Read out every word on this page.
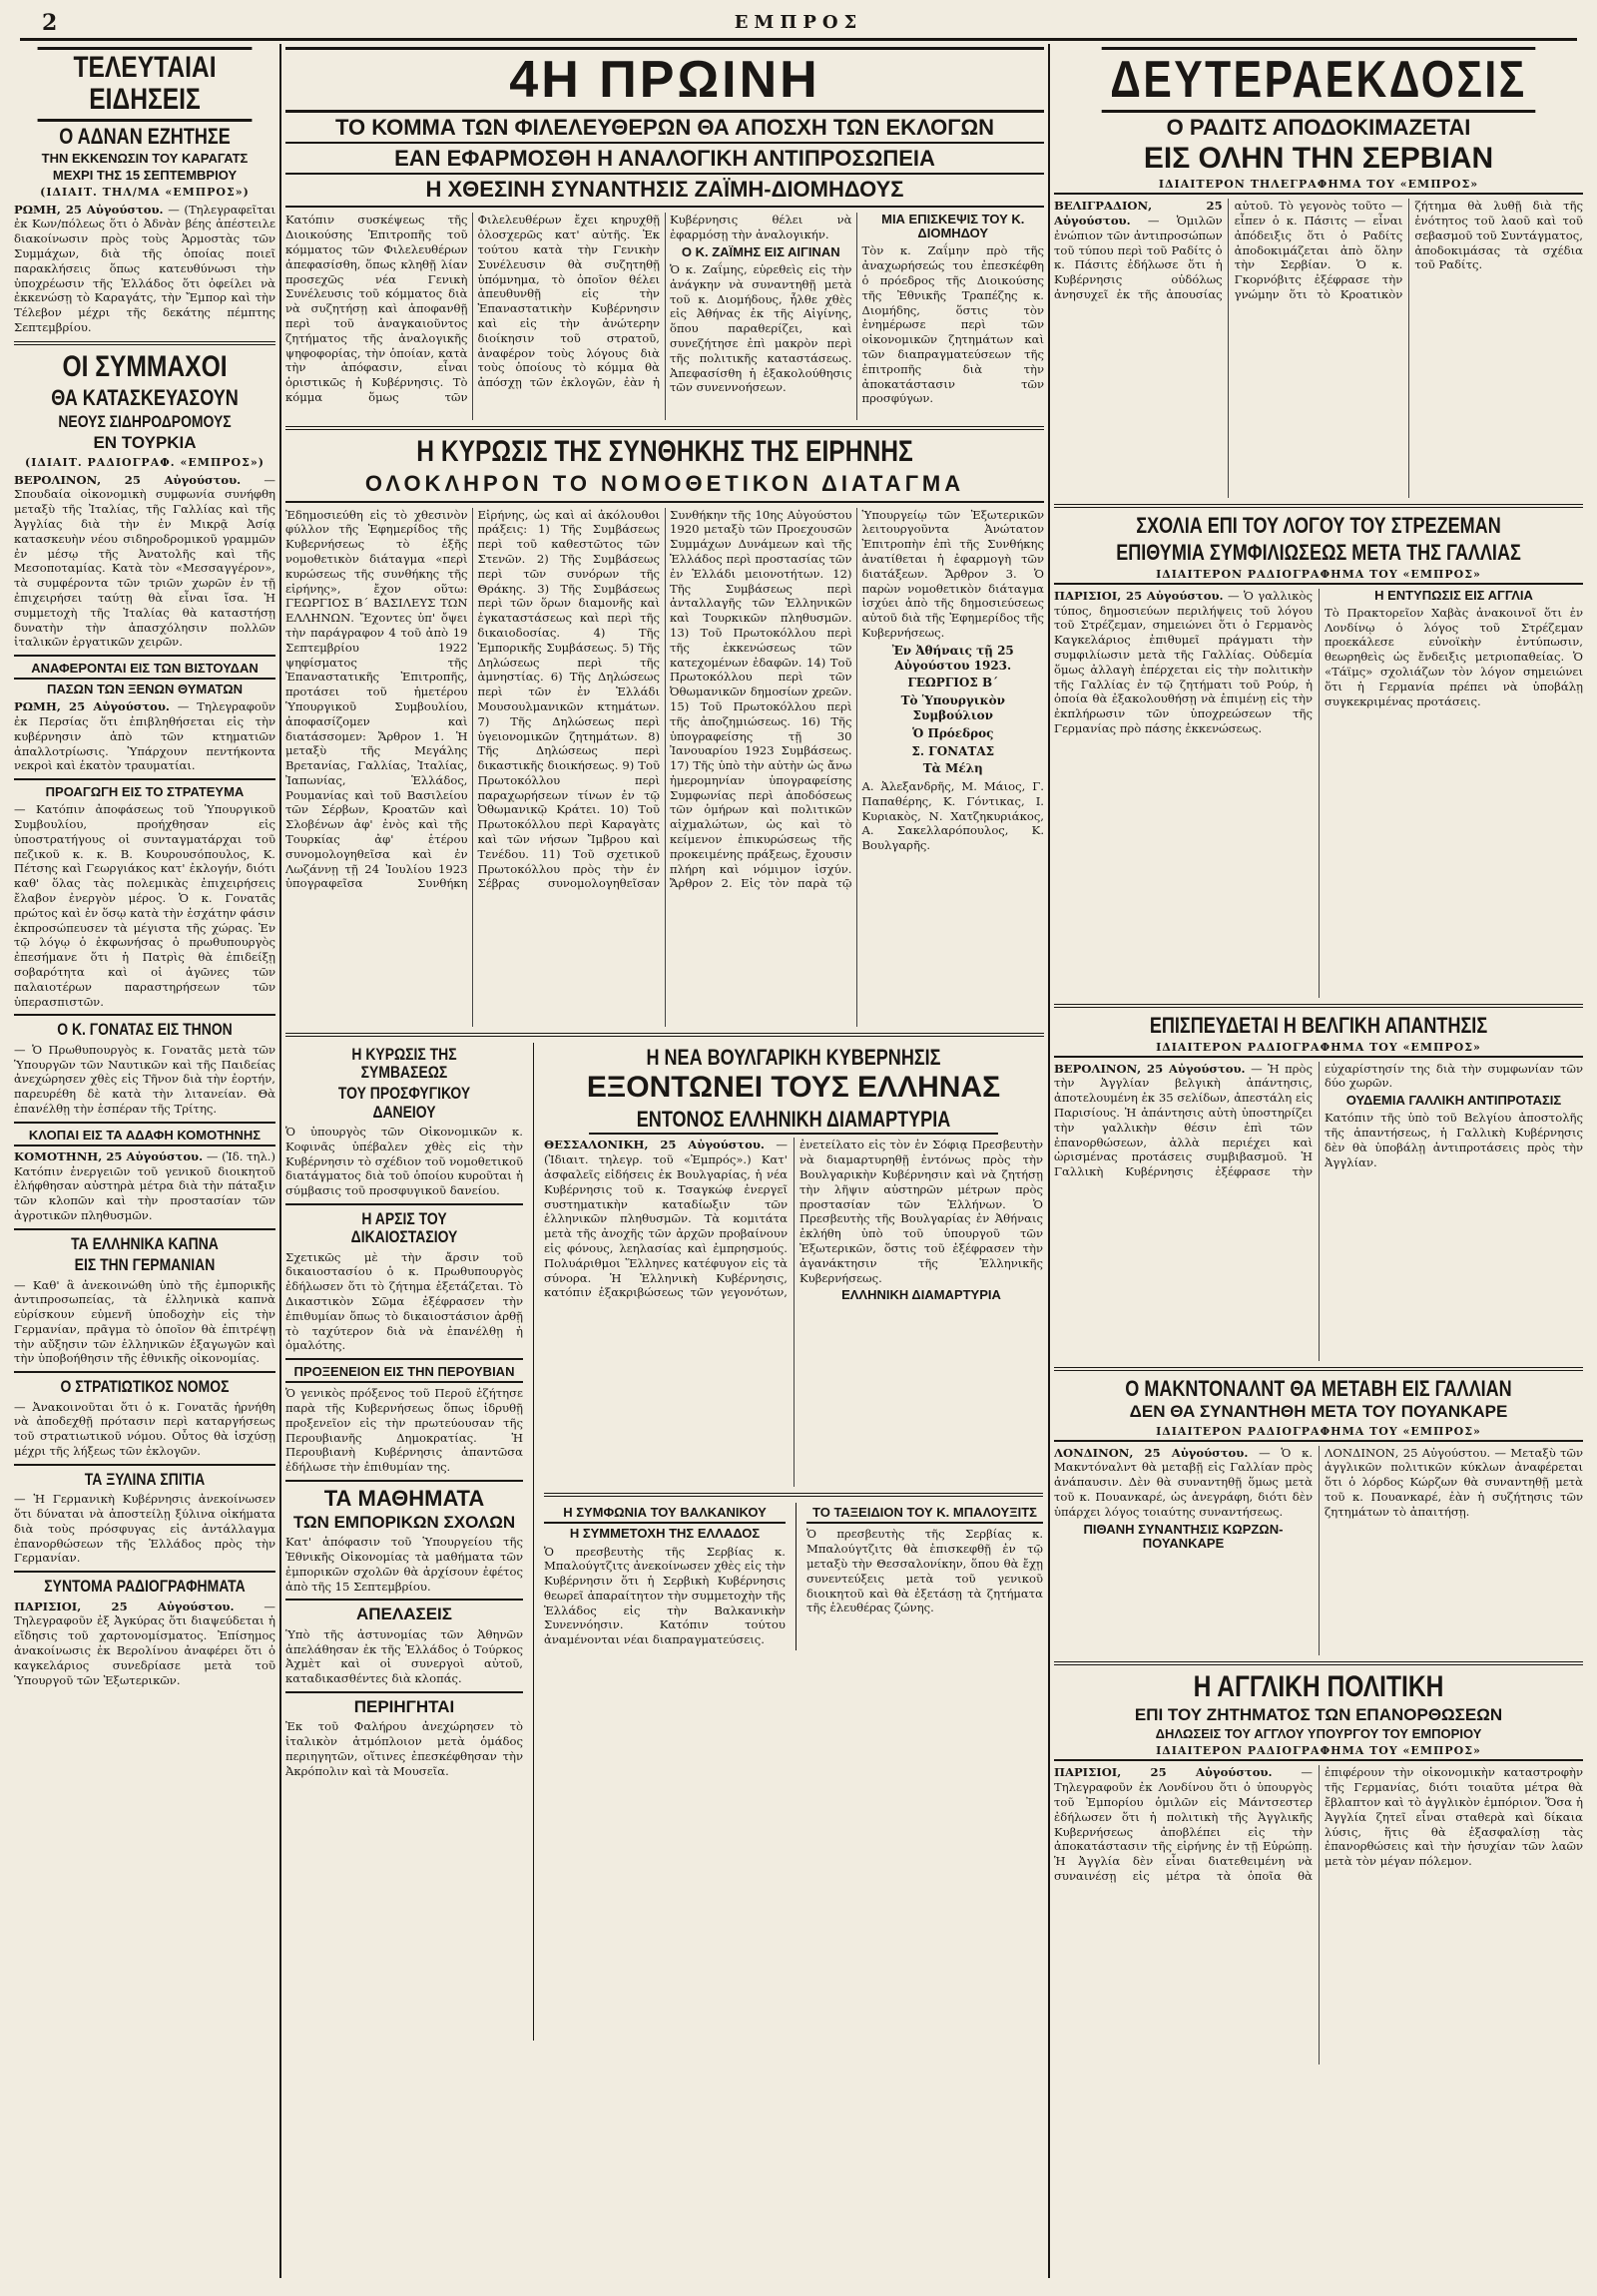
2	ΕΜΠΡΟΣ
ΤΕΛΕΥΤΑΙΑΙ ΕΙΔΗΣΕΙΣ
Ο ΑΔΝΑΝ ΕΖΗΤΗΣΕ
ΤΗΝ ΕΚΚΕΝΩΣΙΝ ΤΟΥ ΚΑΡΑΓΑΤΣ
ΜΕΧΡΙ ΤΗΣ 15 ΣΕΠΤΕΜΒΡΙΟΥ
(ΙΔΙΑΙΤ. ΤΗΛ/ΜΑ «ΕΜΠΡΟΣ»)

ΡΩΜΗ, 25 Αὐγούστου. — (Τηλεγραφεῖται ἐκ Κων/πόλεως ὅτι ὁ Ἀδνὰν βέης ἀπέστειλε διακοίνωσιν πρὸς τοὺς Ἁρμοστὰς τῶν Συμμάχων, διὰ τῆς ὁποίας ποιεῖ παρακλήσεις ὅπως κατευθύνωσι τὴν ὑποχρέωσιν τῆς Ἑλλάδος ὅτι ὀφείλει νὰ ἐκκενώσῃ τὸ Καραγάτς, τὴν Ἔμπορ καὶ τὴν Τέλεβον μέχρι τῆς δεκάτης πέμπτης Σεπτεμβρίου.

ΟΙ ΣΥΜΜΑΧΟΙ
ΘΑ ΚΑΤΑΣΚΕΥΑΣΟΥΝ
ΝΕΟΥΣ ΣΙΔΗΡΟΔΡΟΜΟΥΣ
ΕΝ ΤΟΥΡΚΙΑ
(ΙΔΙΑΙΤ. ΡΑΔΙΟΓΡΑΦ. «ΕΜΠΡΟΣ»)

ΒΕΡΟΛΙΝΟΝ, 25 Αὐγούστου. — Σπουδαία οἰκονομικὴ συμφωνία συνήφθη μεταξὺ τῆς Ἰταλίας, τῆς Γαλλίας καὶ τῆς Ἀγγλίας διὰ τὴν ἐν Μικρᾷ Ἀσίᾳ κατασκευὴν νέου σιδηροδρομικοῦ γραμμῶν ἐν μέσῳ τῆς Ἀνατολῆς καὶ τῆς Μεσοποταμίας. Κατὰ τὸν «Μεσσαγγέρον», τὰ συμφέροντα τῶν τριῶν χωρῶν ἐν τῇ ἐπιχειρήσει ταύτῃ θὰ εἶναι ἴσα. Ἡ συμμετοχὴ τῆς Ἰταλίας θὰ καταστήσῃ δυνατὴν τὴν ἀπασχόλησιν πολλῶν ἰταλικῶν ἐργατικῶν χειρῶν.

ΑΝΑΦΕΡΟΝΤΑΙ ΕΙΣ ΤΩΝ ΒΙΣΤΟΥΔΑΝ
ΠΑΣΩΝ ΤΩΝ ΞΕΝΩΝ ΘΥΜΑΤΩΝ

ΡΩΜΗ, 25 Αὐγούστου. — Τηλεγραφοῦν ἐκ Περσίας ὅτι ἐπιβληθήσεται εἰς τὴν κυβέρνησιν ἀπὸ τῶν κτηματιῶν ἀπαλλοτρίωσις. Ὑπάρχουν πεντήκοντα νεκροὶ καὶ ἑκατὸν τραυματίαι.

ΠΡΟΑΓΩΓΗ ΕΙΣ ΤΟ ΣΤΡΑΤΕΥΜΑ

— Κατόπιν ἀποφάσεως τοῦ Ὑπουργικοῦ Συμβουλίου, προήχθησαν εἰς ὑποστρατήγους οἱ συνταγματάρχαι τοῦ πεζικοῦ κ. κ. Β. Κουρουσόπουλος, Κ. Πέτσης καὶ Γεωργιάκος κατ' ἐκλογήν, διότι καθ' ὅλας τὰς πολεμικὰς ἐπιχειρήσεις ἔλαβον ἐνεργὸν μέρος. Ὁ κ. Γονατᾶς πρώτος καὶ ἐν ὅσῳ κατὰ τὴν ἐσχάτην φάσιν ἐκπροσώπευσεν τὰ μέγιστα τῆς χώρας. Ἐν τῷ λόγῳ ὁ ἐκφωνήσας ὁ πρωθυπουργὸς ἐπεσήμανε ὅτι ἡ Πατρὶς θὰ ἐπιδείξῃ σοβαρότητα καὶ οἱ ἀγῶνες τῶν παλαιοτέρων παραστηρήσεων τῶν ὑπερασπιστῶν.

Ο Κ. ΓΟΝΑΤΑΣ ΕΙΣ ΤΗΝΟΝ

— Ὁ Πρωθυπουργὸς κ. Γονατᾶς μετὰ τῶν Ὑπουργῶν τῶν Ναυτικῶν καὶ τῆς Παιδείας ἀνεχώρησεν χθὲς εἰς Τῆνον διὰ τὴν ἐορτήν, παρευρέθη δὲ κατὰ τὴν λιτανείαν. Θὰ ἐπανέλθῃ τὴν ἑσπέραν τῆς Τρίτης.

ΚΛΟΠΑΙ ΕΙΣ ΤΑ ΑΔΑΦΗ ΚΟΜΟΤΗΝΗΣ

ΚΟΜΟΤΗΝΗ, 25 Αὐγούστου. — (Ἰδ. τηλ.) Κατόπιν ἐνεργειῶν τοῦ γενικοῦ διοικητοῦ ἐλήφθησαν αὐστηρὰ μέτρα διὰ τὴν πάταξιν τῶν κλοπῶν καὶ τὴν προστασίαν τῶν ἀγροτικῶν πληθυσμῶν.

ΤΑ ΕΛΛΗΝΙΚΑ ΚΑΠΝΑ
ΕΙΣ ΤΗΝ ΓΕΡΜΑΝΙΑΝ

— Καθ' ἃ ἀνεκοινώθη ὑπὸ τῆς ἐμπορικῆς ἀντιπροσωπείας, τὰ ἑλληνικὰ καπνὰ εὑρίσκουν εὐμενῆ ὑποδοχὴν εἰς τὴν Γερμανίαν, πρᾶγμα τὸ ὁποῖον θὰ ἐπιτρέψῃ τὴν αὔξησιν τῶν ἑλληνικῶν ἐξαγωγῶν καὶ τὴν ὑποβοήθησιν τῆς ἐθνικῆς οἰκονομίας.

Ο ΣΤΡΑΤΙΩΤΙΚΟΣ ΝΟΜΟΣ

— Ἀνακοινοῦται ὅτι ὁ κ. Γονατᾶς ἠρνήθη νὰ ἀποδεχθῇ πρότασιν περὶ καταργήσεως τοῦ στρατιωτικοῦ νόμου. Οὗτος θὰ ἰσχύσῃ μέχρι τῆς λήξεως τῶν ἐκλογῶν.

ΤΑ ΞΥΛΙΝΑ ΣΠΙΤΙΑ

— Ἡ Γερμανικὴ Κυβέρνησις ἀνεκοίνωσεν ὅτι δύναται νὰ ἀποστείλῃ ξύλινα οἰκήματα διὰ τοὺς πρόσφυγας εἰς ἀντάλλαγμα ἐπανορθώσεων τῆς Ἑλλάδος πρὸς τὴν Γερμανίαν.

ΣΥΝΤΟΜΑ ΡΑΔΙΟΓΡΑΦΗΜΑΤΑ

ΠΑΡΙΣΙΟΙ, 25 Αὐγούστου.	— Τηλεγραφοῦν ἐξ Ἀγκύρας ὅτι διαψεύδεται ἡ εἴδησις τοῦ χαρτονομίσματος. Ἐπίσημος ἀνακοίνωσις ἐκ Βερολίνου ἀναφέρει ὅτι ὁ καγκελάριος συνεδρίασε μετὰ τοῦ Ὑπουργοῦ τῶν Ἐξωτερικῶν.

4Η ΠΡΩΙΝΗ
ΤΟ ΚΟΜΜΑ ΤΩΝ ΦΙΛΕΛΕΥΘΕΡΩΝ ΘΑ ΑΠΟΣΧΗ ΤΩΝ ΕΚΛΟΓΩΝ
ΕΑΝ ΕΦΑΡΜΟΣΘΗ Η ΑΝΑΛΟΓΙΚΗ ΑΝΤΙΠΡΟΣΩΠΕΙΑ
Η ΧΘΕΣΙΝΗ ΣΥΝΑΝΤΗΣΙΣ ΖΑΪΜΗ-ΔΙΟΜΗΔΟΥΣ

Κατόπιν συσκέψεως τῆς Διοικούσης Ἐπιτροπῆς τοῦ κόμματος τῶν Φιλελευθέρων ἀπεφασίσθη, ὅπως κληθῇ λίαν προσεχῶς νέα Γενικὴ Συνέλευσις τοῦ κόμματος διὰ νὰ συζητήσῃ καὶ ἀποφανθῇ περὶ τοῦ ἀναγκαιοῦντος ζητήματος τῆς ἀναλογικῆς ψηφοφορίας, τὴν ὁποίαν, κατὰ τὴν ἀπόφασιν, εἶναι ὁριστικῶς ἡ Κυβέρνησις. Τὸ κόμμα ὅμως τῶν Φιλελευθέρων ἔχει κηρυχθῇ ὁλοσχερῶς κατ' αὐτῆς. Ἐκ τούτου κατὰ τὴν Γενικὴν Συνέλευσιν θὰ συζητηθῇ ὑπόμνημα, τὸ ὁποῖον θέλει ἀπευθυνθῇ εἰς τὴν Ἐπαναστατικὴν Κυβέρνησιν καὶ εἰς τὴν ἀνώτερην διοίκησιν τοῦ στρατοῦ, ἀναφέρον τοὺς λόγους διὰ τοὺς ὁποίους τὸ κόμμα θὰ ἀπόσχῃ τῶν ἐκλογῶν, ἐὰν ἡ Κυβέρνησις θέλει νὰ ἐφαρμόσῃ τὴν ἀναλογικήν.

Ο Κ. ΖΑΪΜΗΣ ΕΙΣ ΑΙΓΙΝΑΝ

Ὁ κ. Ζαΐμης, εὑρεθεὶς εἰς τὴν ἀνάγκην νὰ συναντηθῇ μετὰ τοῦ κ. Διομήδους, ἦλθε χθὲς εἰς Ἀθήνας ἐκ τῆς Αἰγίνης, ὅπου παραθερίζει, καὶ συνεζήτησε ἐπὶ μακρὸν περὶ τῆς πολιτικῆς καταστάσεως. Ἀπεφασίσθη ἡ ἐξακολούθησις τῶν συνεννοήσεων.

ΜΙΑ ΕΠΙΣΚΕΨΙΣ ΤΟΥ Κ. ΔΙΟΜΗΔΟΥ

Τὸν κ. Ζαΐμην πρὸ τῆς ἀναχωρήσεώς του ἐπεσκέφθη ὁ πρόεδρος τῆς Διοικούσης τῆς Ἐθνικῆς Τραπέζης κ. Διομήδης, ὅστις τὸν ἐνημέρωσε περὶ τῶν οἰκονομικῶν ζητημάτων καὶ τῶν διαπραγματεύσεων τῆς ἐπιτροπῆς διὰ τὴν ἀποκατάστασιν τῶν προσφύγων.

Η ΚΥΡΩΣΙΣ ΤΗΣ ΣΥΝΘΗΚΗΣ ΤΗΣ ΕΙΡΗΝΗΣ
ΟΛΟΚΛΗΡΟΝ ΤΟ ΝΟΜΟΘΕΤΙΚΟΝ ΔΙΑΤΑΓΜΑ

Ἐδημοσιεύθη εἰς τὸ χθεσινὸν φύλλον τῆς Ἐφημερίδος τῆς Κυβερνήσεως τὸ ἑξῆς νομοθετικὸν διάταγμα «περὶ κυρώσεως τῆς συνθήκης τῆς εἰρήνης», ἔχον οὕτω: ΓΕΩΡΓΙΟΣ Β΄ ΒΑΣΙΛΕΥΣ ΤΩΝ ΕΛΛΗΝΩΝ. Ἔχοντες ὑπ' ὄψει τὴν παράγραφον 4 τοῦ ἀπὸ 19 Σεπτεμβρίου 1922 ψηφίσματος τῆς Ἐπαναστατικῆς Ἐπιτροπῆς, προτάσει τοῦ ἡμετέρου Ὑπουργικοῦ Συμβουλίου, ἀποφασίζομεν καὶ διατάσσομεν: Ἄρθρον 1. Ἡ μεταξὺ τῆς Μεγάλης Βρετανίας, Γαλλίας, Ἰταλίας, Ἰαπωνίας, Ἑλλάδος, Ρουμανίας καὶ τοῦ Βασιλείου τῶν Σέρβων, Κροατῶν καὶ Σλοβένων ἀφ' ἑνὸς καὶ τῆς Τουρκίας ἀφ' ἑτέρου συνομολογηθεῖσα καὶ ἐν Λωζάννῃ τῇ 24 Ἰουλίου 1923 ὑπογραφεῖσα Συνθήκη Εἰρήνης, ὡς καὶ αἱ ἀκόλουθοι πράξεις: 1) Τῆς Συμβάσεως περὶ τοῦ καθεστῶτος τῶν Στενῶν. 2) Τῆς Συμβάσεως περὶ τῶν συνόρων τῆς Θράκης. 3) Τῆς Συμβάσεως περὶ τῶν ὅρων διαμονῆς καὶ ἐγκαταστάσεως καὶ περὶ τῆς δικαιοδοσίας. 4) Τῆς Ἐμπορικῆς Συμβάσεως. 5) Τῆς Δηλώσεως περὶ τῆς ἀμνηστίας. 6) Τῆς Δηλώσεως περὶ τῶν ἐν Ἑλλάδι Μουσουλμανικῶν κτημάτων. 7) Τῆς Δηλώσεως περὶ ὑγειονομικῶν ζητημάτων. 8) Τῆς Δηλώσεως περὶ δικαστικῆς διοικήσεως. 9) Τοῦ Πρωτοκόλλου περὶ παραχωρήσεων τίνων ἐν τῷ Ὀθωμανικῷ Κράτει. 10) Τοῦ Πρωτοκόλλου περὶ Καραγὰτς καὶ τῶν νήσων Ἴμβρου καὶ Τενέδου. 11) Τοῦ σχετικοῦ Πρωτοκόλλου πρὸς τὴν ἐν Σέβρας συνομολογηθεῖσαν Συνθήκην τῆς 10ης Αὐγούστου 1920 μεταξὺ τῶν Προεχουσῶν Συμμάχων Δυνάμεων καὶ τῆς Ἑλλάδος περὶ προστασίας τῶν ἐν Ἑλλάδι μειονοτήτων. 12) Τῆς Συμβάσεως περὶ ἀνταλλαγῆς τῶν Ἑλληνικῶν καὶ Τουρκικῶν πληθυσμῶν. 13) Τοῦ Πρωτοκόλλου περὶ τῆς ἐκκενώσεως τῶν κατεχομένων ἐδαφῶν. 14) Τοῦ Πρωτοκόλλου περὶ τῶν Ὀθωμανικῶν δημοσίων χρεῶν. 15) Τοῦ Πρωτοκόλλου περὶ τῆς ἀποζημιώσεως. 16) Τῆς ὑπογραφείσης τῇ 30 Ἰανουαρίου 1923 Συμβάσεως. 17) Τῆς ὑπὸ τὴν αὐτὴν ὡς ἄνω ἡμερομηνίαν ὑπογραφείσης Συμφωνίας περὶ ἀποδόσεως τῶν ὁμήρων καὶ πολιτικῶν αἰχμαλώτων, ὡς καὶ τὸ κείμενον ἐπικυρώσεως τῆς προκειμένης πράξεως, ἔχουσιν πλήρη καὶ νόμιμον ἰσχύν. Ἄρθρον 2. Εἰς τὸν παρὰ τῷ Ὑπουργείῳ τῶν Ἐξωτερικῶν λειτουργοῦντα Ἀνώτατον Ἐπιτροπὴν ἐπὶ τῆς Συνθήκης ἀνατίθεται ἡ ἐφαρμογὴ τῶν διατάξεων. Ἄρθρον 3. Ὁ παρὼν νομοθετικὸν διάταγμα ἰσχύει ἀπὸ τῆς δημοσιεύσεως αὐτοῦ διὰ τῆς Ἐφημερίδος τῆς Κυβερνήσεως.

Ἐν Ἀθήναις τῇ 25 Αὐγούστου 1923.
ΓΕΩΡΓΙΟΣ Β΄
Τὸ Ὑπουργικὸν Συμβούλιον
Ὁ Πρόεδρος
Σ. ΓΟΝΑΤΑΣ
Τὰ Μέλη

Α. Ἀλεξανδρῆς, Μ. Μάιος, Γ. Παπαθέρης, Κ. Γόντικας, Ι. Κυριακὸς, Ν. Χατζηκυριάκος, Α. Σακελλαρόπουλος, Κ. Βουλγαρῆς.

Η ΚΥΡΩΣΙΣ ΤΗΣ ΣΥΜΒΑΣΕΩΣ
ΤΟΥ ΠΡΟΣΦΥΓΙΚΟΥ ΔΑΝΕΙΟΥ

Ὁ ὑπουργὸς τῶν Οἰκονομικῶν κ. Κοφινᾶς ὑπέβαλεν χθὲς εἰς τὴν Κυβέρνησιν τὸ σχέδιον τοῦ νομοθετικοῦ διατάγματος διὰ τοῦ ὁποίου κυροῦται ἡ σύμβασις τοῦ προσφυγικοῦ δανείου.

Η ΑΡΣΙΣ ΤΟΥ ΔΙΚΑΙΟΣΤΑΣΙΟΥ

Σχετικῶς μὲ τὴν ἄρσιν τοῦ δικαιοστασίου ὁ κ. Πρωθυπουργὸς ἐδήλωσεν ὅτι τὸ ζήτημα ἐξετάζεται. Τὸ Δικαστικὸν Σῶμα ἐξέφρασεν τὴν ἐπιθυμίαν ὅπως τὸ δικαιοστάσιον ἀρθῇ τὸ ταχύτερον διὰ νὰ ἐπανέλθῃ ἡ ὁμαλότης.

ΠΡΟΞΕΝΕΙΟΝ ΕΙΣ ΤΗΝ ΠΕΡΟΥΒΙΑΝ

Ὁ γενικὸς πρόξενος τοῦ Περοῦ ἐζήτησε παρὰ τῆς Κυβερνήσεως ὅπως ἱδρυθῇ προξενεῖον εἰς τὴν πρωτεύουσαν τῆς Περουβιανῆς Δημοκρατίας. Ἡ Περουβιανὴ Κυβέρνησις ἀπαντῶσα ἐδήλωσε τὴν ἐπιθυμίαν της.

ΤΑ ΜΑΘΗΜΑΤΑ
ΤΩΝ ΕΜΠΟΡΙΚΩΝ ΣΧΟΛΩΝ

Κατ' ἀπόφασιν τοῦ Ὑπουργείου τῆς Ἐθνικῆς Οἰκονομίας τὰ μαθήματα τῶν ἐμπορικῶν σχολῶν θὰ ἀρχίσουν ἐφέτος ἀπὸ τῆς 15 Σεπτεμβρίου.

ΑΠΕΛΑΣΕΙΣ

Ὑπὸ τῆς ἀστυνομίας τῶν Ἀθηνῶν ἀπελάθησαν ἐκ τῆς Ἑλλάδος ὁ Τούρκος Ἀχμὲτ καὶ οἱ συνεργοὶ αὐτοῦ, καταδικασθέντες διὰ κλοπάς.

ΠΕΡΙΗΓΗΤΑΙ

Ἐκ τοῦ Φαλήρου ἀνεχώρησεν τὸ ἰταλικὸν ἀτμόπλοιον μετὰ ὁμάδος περιηγητῶν, οἵτινες ἐπεσκέφθησαν τὴν Ἀκρόπολιν καὶ τὰ Μουσεῖα.

Η ΝΕΑ ΒΟΥΛΓΑΡΙΚΗ ΚΥΒΕΡΝΗΣΙΣ
ΕΞΟΝΤΩΝΕΙ ΤΟΥΣ ΕΛΛΗΝΑΣ
ΕΝΤΟΝΟΣ ΕΛΛΗΝΙΚΗ ΔΙΑΜΑΡΤΥΡΙΑ

ΘΕΣΣΑΛΟΝΙΚΗ, 25 Αὐγούστου. — (Ἰδιαιτ. τηλεγρ. τοῦ «Ἐμπρός».) Κατ' ἀσφαλεῖς εἰδήσεις ἐκ Βουλγαρίας, ἡ νέα Κυβέρνησις τοῦ κ. Τσαγκώφ ἐνεργεῖ συστηματικὴν καταδίωξιν τῶν ἑλληνικῶν πληθυσμῶν. Τὰ κομιτάτα μετὰ τῆς ἀνοχῆς τῶν ἀρχῶν προβαίνουν εἰς φόνους, λεηλασίας καὶ ἐμπρησμούς. Πολυάριθμοι Ἕλληνες κατέφυγον εἰς τὰ σύνορα. Ἡ Ἑλληνικὴ Κυβέρνησις, κατόπιν ἐξακριβώσεως τῶν γεγονότων, ἐνετείλατο εἰς τὸν ἐν Σόφιᾳ Πρεσβευτὴν νὰ διαμαρτυρηθῇ ἐντόνως πρὸς τὴν Βουλγαρικὴν Κυβέρνησιν καὶ νὰ ζητήσῃ τὴν λῆψιν αὐστηρῶν μέτρων πρὸς προστασίαν τῶν Ἑλλήνων. Ὁ Πρεσβευτὴς τῆς Βουλγαρίας ἐν Ἀθήναις ἐκλήθη ὑπὸ τοῦ ὑπουργοῦ τῶν Ἐξωτερικῶν, ὅστις τοῦ ἐξέφρασεν τὴν ἀγανάκτησιν τῆς Ἑλληνικῆς Κυβερνήσεως.

ΕΛΛΗΝΙΚΗ ΔΙΑΜΑΡΤΥΡΙΑ
Η ΣΥΜΦΩΝΙΑ ΤΟΥ ΒΑΛΚΑΝΙΚΟΥ
Η ΣΥΜΜΕΤΟΧΗ ΤΗΣ ΕΛΛΑΔΟΣ

Ὁ πρεσβευτὴς τῆς Σερβίας κ. Μπαλούγτζιτς ἀνεκοίνωσεν χθὲς εἰς τὴν Κυβέρνησιν ὅτι ἡ Σερβικὴ Κυβέρνησις θεωρεῖ ἀπαραίτητον τὴν συμμετοχὴν τῆς Ἑλλάδος εἰς τὴν Βαλκανικὴν Συνεννόησιν. Κατόπιν τούτου ἀναμένονται νέαι διαπραγματεύσεις.

ΤΟ ΤΑΞΕΙΔΙΟΝ ΤΟΥ Κ. ΜΠΑΛΟΥΞΙΤΣ

Ὁ πρεσβευτὴς τῆς Σερβίας κ. Μπαλούγτζιτς θὰ ἐπισκεφθῇ ἐν τῷ μεταξὺ τὴν Θεσσαλονίκην, ὅπου θὰ ἔχῃ συνεντεύξεις μετὰ τοῦ γενικοῦ διοικητοῦ καὶ θὰ ἐξετάσῃ τὰ ζητήματα τῆς ἐλευθέρας ζώνης.

ΔΕΥΤΕΡΑΕΚΔΟΣΙΣ
Ο ΡΑΔΙΤΣ ΑΠΟΔΟΚΙΜΑΖΕΤΑΙ
ΕΙΣ ΟΛΗΝ ΤΗΝ ΣΕΡΒΙΑΝ
ΙΔΙΑΙΤΕΡΟΝ ΤΗΛΕΓΡΑΦΗΜΑ ΤΟΥ «ΕΜΠΡΟΣ»

ΒΕΛΙΓΡΑΔΙΟΝ, 25 Αὐγούστου. — Ὁμιλῶν ἐνώπιον τῶν ἀντιπροσώπων τοῦ τύπου περὶ τοῦ Ραδίτς ὁ κ. Πάσιτς ἐδήλωσε ὅτι ἡ Κυβέρνησις οὐδόλως ἀνησυχεῖ ἐκ τῆς ἀπουσίας αὐτοῦ. Τὸ γεγονὸς τοῦτο — εἶπεν ὁ κ. Πάσιτς — εἶναι ἀπόδειξις ὅτι ὁ Ραδίτς ἀποδοκιμάζεται ἀπὸ ὅλην τὴν Σερβίαν. Ὁ κ. Γκορνόβιτς ἐξέφρασε τὴν γνώμην ὅτι τὸ Κροατικὸν ζήτημα θὰ λυθῇ διὰ τῆς ἐνότητος τοῦ λαοῦ καὶ τοῦ σεβασμοῦ τοῦ Συντάγματος, ἀποδοκιμάσας τὰ σχέδια τοῦ Ραδίτς.

ΣΧΟΛΙΑ ΕΠΙ ΤΟΥ ΛΟΓΟΥ ΤΟΥ ΣΤΡΕΖΕΜΑΝ
ΕΠΙΘΥΜΙΑ ΣΥΜΦΙΛΙΩΣΕΩΣ ΜΕΤΑ ΤΗΣ ΓΑΛΛΙΑΣ
ΙΔΙΑΙΤΕΡΟΝ ΡΑΔΙΟΓΡΑΦΗΜΑ ΤΟΥ «ΕΜΠΡΟΣ»

ΠΑΡΙΣΙΟΙ, 25 Αὐγούστου. — Ὁ γαλλικὸς τύπος, δημοσιεύων περιλήψεις τοῦ λόγου τοῦ Στρέζεμαν, σημειώνει ὅτι ὁ Γερμανὸς Καγκελάριος ἐπιθυμεῖ πράγματι τὴν συμφιλίωσιν μετὰ τῆς Γαλλίας. Οὐδεμία ὅμως ἀλλαγὴ ἐπέρχεται εἰς τὴν πολιτικὴν τῆς Γαλλίας ἐν τῷ ζητήματι τοῦ Ρούρ, ἡ ὁποία θὰ ἐξακολουθήσῃ νὰ ἐπιμένῃ εἰς τὴν ἐκπλήρωσιν τῶν ὑποχρεώσεων τῆς Γερμανίας πρὸ πάσης ἐκκενώσεως.

Η ΕΝΤΥΠΩΣΙΣ ΕΙΣ ΑΓΓΛΙΑ

Τὸ Πρακτορεῖον Χαβὰς ἀνακοινοῖ ὅτι ἐν Λονδίνῳ ὁ λόγος τοῦ Στρέζεμαν προεκάλεσε εὐνοϊκὴν ἐντύπωσιν, θεωρηθεὶς ὡς ἔνδειξις μετριοπαθείας. Ὁ «Τάϊμς» σχολιάζων τὸν λόγον σημειώνει ὅτι ἡ Γερμανία πρέπει νὰ ὑποβάλῃ συγκεκριμένας προτάσεις.

ΕΠΙΣΠΕΥΔΕΤΑΙ Η ΒΕΛΓΙΚΗ ΑΠΑΝΤΗΣΙΣ
ΙΔΙΑΙΤΕΡΟΝ ΡΑΔΙΟΓΡΑΦΗΜΑ ΤΟΥ «ΕΜΠΡΟΣ»

ΒΕΡΟΛΙΝΟΝ, 25 Αὐγούστου. — Ἡ πρὸς τὴν Ἀγγλίαν βελγικὴ ἀπάντησις, ἀποτελουμένη ἐκ 35 σελίδων, ἀπεστάλη εἰς Παρισίους. Ἡ ἀπάντησις αὐτὴ ὑποστηρίζει τὴν γαλλικὴν θέσιν ἐπὶ τῶν ἐπανορθώσεων, ἀλλὰ περιέχει καὶ ὡρισμένας προτάσεις συμβιβασμοῦ. Ἡ Γαλλικὴ Κυβέρνησις ἐξέφρασε τὴν εὐχαρίστησίν της διὰ τὴν συμφωνίαν τῶν δύο χωρῶν.

ΟΥΔΕΜΙΑ ΓΑΛΛΙΚΗ ΑΝΤΙΠΡΟΤΑΣΙΣ

Κατόπιν τῆς ὑπὸ τοῦ Βελγίου ἀποστολῆς τῆς ἀπαντήσεως, ἡ Γαλλικὴ Κυβέρνησις δὲν θὰ ὑποβάλῃ ἀντιπροτάσεις πρὸς τὴν Ἀγγλίαν.

Ο ΜΑΚΝΤΟΝΑΛΝΤ ΘΑ ΜΕΤΑΒΗ ΕΙΣ ΓΑΛΛΙΑΝ
ΔΕΝ ΘΑ ΣΥΝΑΝΤΗΘΗ ΜΕΤΑ ΤΟΥ ΠΟΥΑΝΚΑΡΕ
ΙΔΙΑΙΤΕΡΟΝ ΡΑΔΙΟΓΡΑΦΗΜΑ ΤΟΥ «ΕΜΠΡΟΣ»

ΛΟΝΔΙΝΟΝ, 25 Αὐγούστου. — Ὁ κ. Μακντόναλντ θὰ μεταβῇ εἰς Γαλλίαν πρὸς ἀνάπαυσιν. Δὲν θὰ συναντηθῇ ὅμως μετὰ τοῦ κ. Πουανκαρέ, ὡς ἀνεγράφη, διότι δὲν ὑπάρχει λόγος τοιαύτης συναντήσεως.

ΠΙΘΑΝΗ ΣΥΝΑΝΤΗΣΙΣ ΚΩΡΖΩΝ-ΠΟΥΑΝΚΑΡΕ

ΛΟΝΔΙΝΟΝ, 25 Αὐγούστου. — Μεταξὺ τῶν ἀγγλικῶν πολιτικῶν κύκλων ἀναφέρεται ὅτι ὁ λόρδος Κώρζων θὰ συναντηθῇ μετὰ τοῦ κ. Πουανκαρέ, ἐὰν ἡ συζήτησις τῶν ζητημάτων τὸ ἀπαιτήσῃ.

Η ΑΓΓΛΙΚΗ ΠΟΛΙΤΙΚΗ
ΕΠΙ ΤΟΥ ΖΗΤΗΜΑΤΟΣ ΤΩΝ ΕΠΑΝΟΡΘΩΣΕΩΝ
ΔΗΛΩΣΕΙΣ ΤΟΥ ΑΓΓΛΟΥ ΥΠΟΥΡΓΟΥ ΤΟΥ ΕΜΠΟΡΙΟΥ
ΙΔΙΑΙΤΕΡΟΝ ΡΑΔΙΟΓΡΑΦΗΜΑ ΤΟΥ «ΕΜΠΡΟΣ»

ΠΑΡΙΣΙΟΙ, 25 Αὐγούστου. — Τηλεγραφοῦν ἐκ Λονδίνου ὅτι ὁ ὑπουργὸς τοῦ Ἐμπορίου ὁμιλῶν εἰς Μάντσεστερ ἐδήλωσεν ὅτι ἡ πολιτικὴ τῆς Ἀγγλικῆς Κυβερνήσεως ἀποβλέπει εἰς τὴν ἀποκατάστασιν τῆς εἰρήνης ἐν τῇ Εὐρώπῃ. Ἡ Ἀγγλία δὲν εἶναι διατεθειμένη νὰ συναινέσῃ εἰς μέτρα τὰ ὁποῖα θὰ ἐπιφέρουν τὴν οἰκονομικὴν καταστροφὴν τῆς Γερμανίας, διότι τοιαῦτα μέτρα θὰ ἔβλαπτον καὶ τὸ ἀγγλικὸν ἐμπόριον. Ὅσα ἡ Ἀγγλία ζητεῖ εἶναι σταθερὰ καὶ δίκαια λύσις, ἥτις θὰ ἐξασφαλίσῃ τὰς ἐπανορθώσεις καὶ τὴν ἡσυχίαν τῶν λαῶν μετὰ τὸν μέγαν πόλεμον.
